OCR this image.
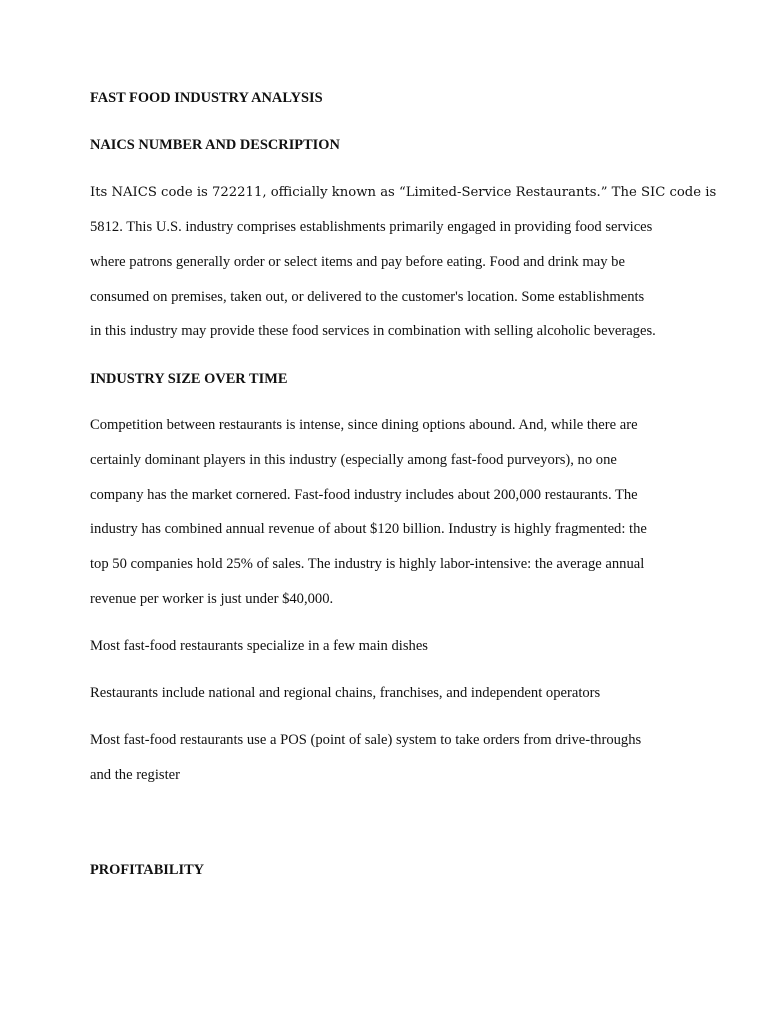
FAST FOOD INDUSTRY ANALYSIS

NAICS NUMBER AND DESCRIPTION

Its NAICS code is 722211, officially known as “Limited-Service Restaurants.” The SIC code is

5812. This U.S. industry comprises establishments primarily engaged in providing food services

where patrons generally order or select items and pay before eating. Food and drink may be

consumed on premises, taken out, or delivered to the customer's location. Some establishments

in this industry may provide these food services in combination with selling alcoholic beverages.

INDUSTRY SIZE OVER TIME

Competition between restaurants is intense, since dining options abound. And, while there are

certainly dominant players in this industry (especially among fast-food purveyors), no one

company has the market cornered. Fast-food industry includes about 200,000 restaurants. The

industry has combined annual revenue of about $120 billion. Industry is highly fragmented: the

top 50 companies hold 25% of sales. The industry is highly labor-intensive: the average annual

revenue per worker is just under $40,000.

Most fast-food restaurants specialize in a few main dishes

Restaurants include national and regional chains, franchises, and independent operators

Most fast-food restaurants use a POS (point of sale) system to take orders from drive-throughs

and the register

PROFITABILITY
